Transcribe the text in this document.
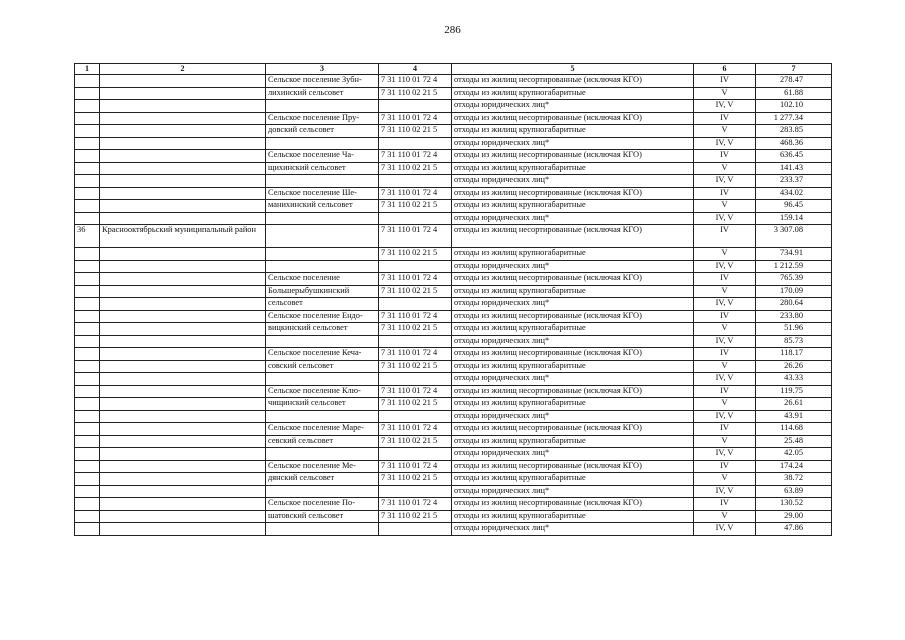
286
1	2	3	4	5	6	7
		Сельское поселение Зубн-	7 31 110 01 72 4	отходы из жилищ несортированные (исключая КГО)	IV	278.47
		лихинский сельсовет	7 31 110 02 21 5	отходы из жилищ крупногабаритные	V	61.88
				отходы юридических лиц*	IV, V	102.10
		Сельское поселение Пру-	7 31 110 01 72 4	отходы из жилищ несортированные (исключая КГО)	IV	1 277.34
		довский сельсовет	7 31 110 02 21 5	отходы из жилищ крупногабаритные	V	283.85
				отходы юридических лиц*	IV, V	468.36
		Сельское поселение Ча-	7 31 110 01 72 4	отходы из жилищ несортированные (исключая КГО)	IV	636.45
		щихинский сельсовет	7 31 110 02 21 5	отходы из жилищ крупногабаритные	V	141.43
				отходы юридических лиц*	IV, V	233.37
		Сельское поселение Ше-	7 31 110 01 72 4	отходы из жилищ несортированные (исключая КГО)	IV	434.02
		манихинский сельсовет	7 31 110 02 21 5	отходы из жилищ крупногабаритные	V	96.45
				отходы юридических лиц*	IV, V	159.14
36	Краснооктябрьский муниципальный район		7 31 110 01 72 4	отходы из жилищ несортированные (исключая КГО)	IV	3 307.08
			7 31 110 02 21 5	отходы из жилищ крупногабаритные	V	734.91
				отходы юридических лиц*	IV, V	1 212.59
		Сельское поселение	7 31 110 01 72 4	отходы из жилищ несортированные (исключая КГО)	IV	765.39
		Большерыбушкинский	7 31 110 02 21 5	отходы из жилищ крупногабаритные	V	170.09
		сельсовет		отходы юридических лиц*	IV, V	280.64
		Сельское поселение Ендо-	7 31 110 01 72 4	отходы из жилищ несортированные (исключая КГО)	IV	233.80
		вицкинский сельсовет	7 31 110 02 21 5	отходы из жилищ крупногабаритные	V	51.96
				отходы юридических лиц*	IV, V	85.73
		Сельское поселение Кеча-	7 31 110 01 72 4	отходы из жилищ несортированные (исключая КГО)	IV	118.17
		совский сельсовет	7 31 110 02 21 5	отходы из жилищ крупногабаритные	V	26.26
				отходы юридических лиц*	IV, V	43.33
		Сельское поселение Клю-	7 31 110 01 72 4	отходы из жилищ несортированные (исключая КГО)	IV	119.75
		чищинский сельсовет	7 31 110 02 21 5	отходы из жилищ крупногабаритные	V	26.61
				отходы юридических лиц*	IV, V	43.91
		Сельское поселение Маре-	7 31 110 01 72 4	отходы из жилищ несортированные (исключая КГО)	IV	114.68
		севский сельсовет	7 31 110 02 21 5	отходы из жилищ крупногабаритные	V	25.48
				отходы юридических лиц*	IV, V	42.05
		Сельское поселение Ме-	7 31 110 01 72 4	отходы из жилищ несортированные (исключая КГО)	IV	174.24
		дянский сельсовет	7 31 110 02 21 5	отходы из жилищ крупногабаритные	V	38.72
				отходы юридических лиц*	IV, V	63.89
		Сельское поселение По-	7 31 110 01 72 4	отходы из жилищ несортированные (исключая КГО)	IV	130.52
		шатовский сельсовет	7 31 110 02 21 5	отходы из жилищ крупногабаритные	V	29.00
				отходы юридических лиц*	IV, V	47.86
